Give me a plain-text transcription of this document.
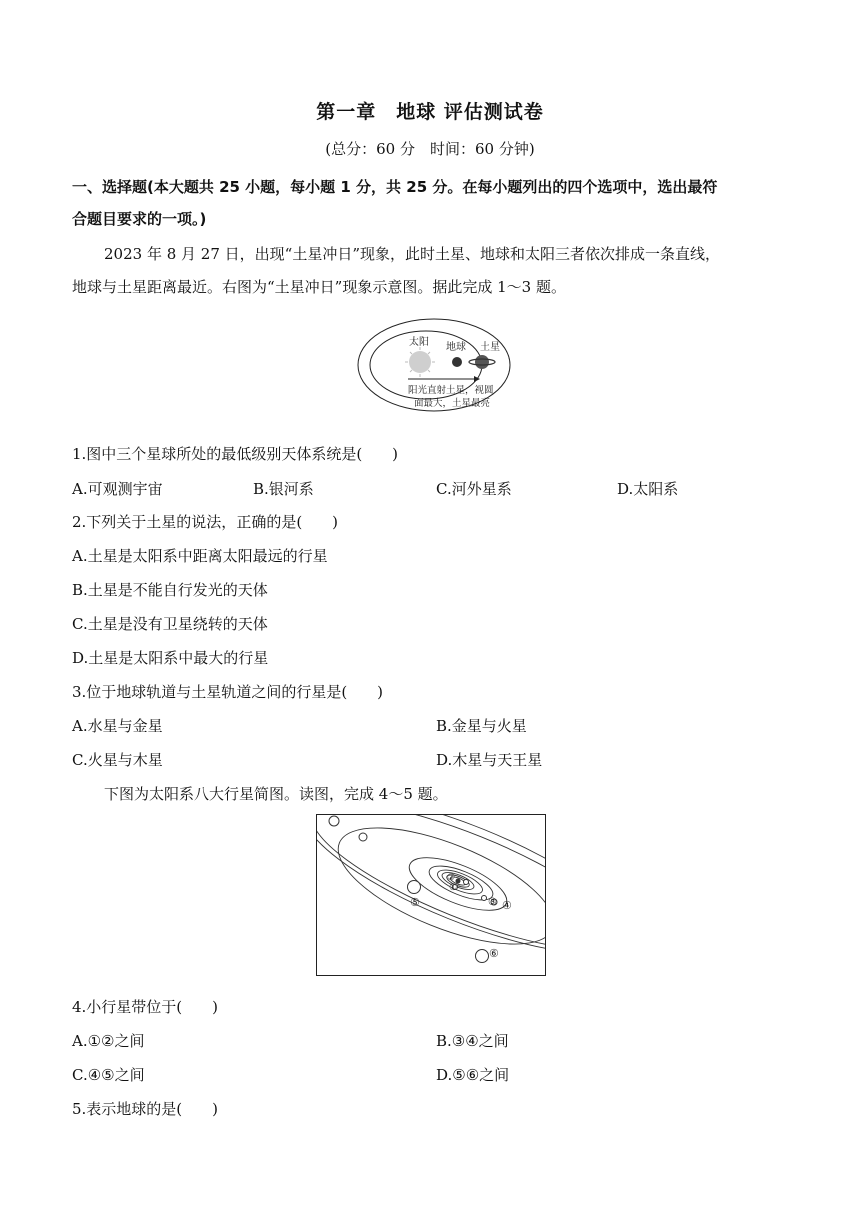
第一章　地球 评估测试卷
(总分：60 分　时间：60 分钟)
一、选择题(本大题共 25 小题，每小题 1 分，共 25 分。在每小题列出的四个选项中，选出最符
合题目要求的一项。)
2023 年 8 月 27 日，出现“土星冲日”现象，此时土星、地球和太阳三者依次排成一条直线，
地球与土星距离最近。右图为“土星冲日”现象示意图。据此完成 1～3 题。
太阳 地球 土星
阳光直射土星，视圆
面最大，土星最亮
1.图中三个星球所处的最低级别天体系统是(　　)
A.可观测宇宙	B.银河系	C.河外星系	D.太阳系
2.下列关于土星的说法，正确的是(　　)
A.土星是太阳系中距离太阳最远的行星
B.土星是不能自行发光的天体
C.土星是没有卫星绕转的天体
D.土星是太阳系中最大的行星
3.位于地球轨道与土星轨道之间的行星是(　　)
A.水星与金星	B.金星与火星
C.火星与木星	D.木星与天王星
下图为太阳系八大行星简图。读图，完成 4～5 题。
①
②
③ ④
⑤
⑥
4.小行星带位于(　　)
A.①②之间	B.③④之间
C.④⑤之间	D.⑤⑥之间
5.表示地球的是(　　)
